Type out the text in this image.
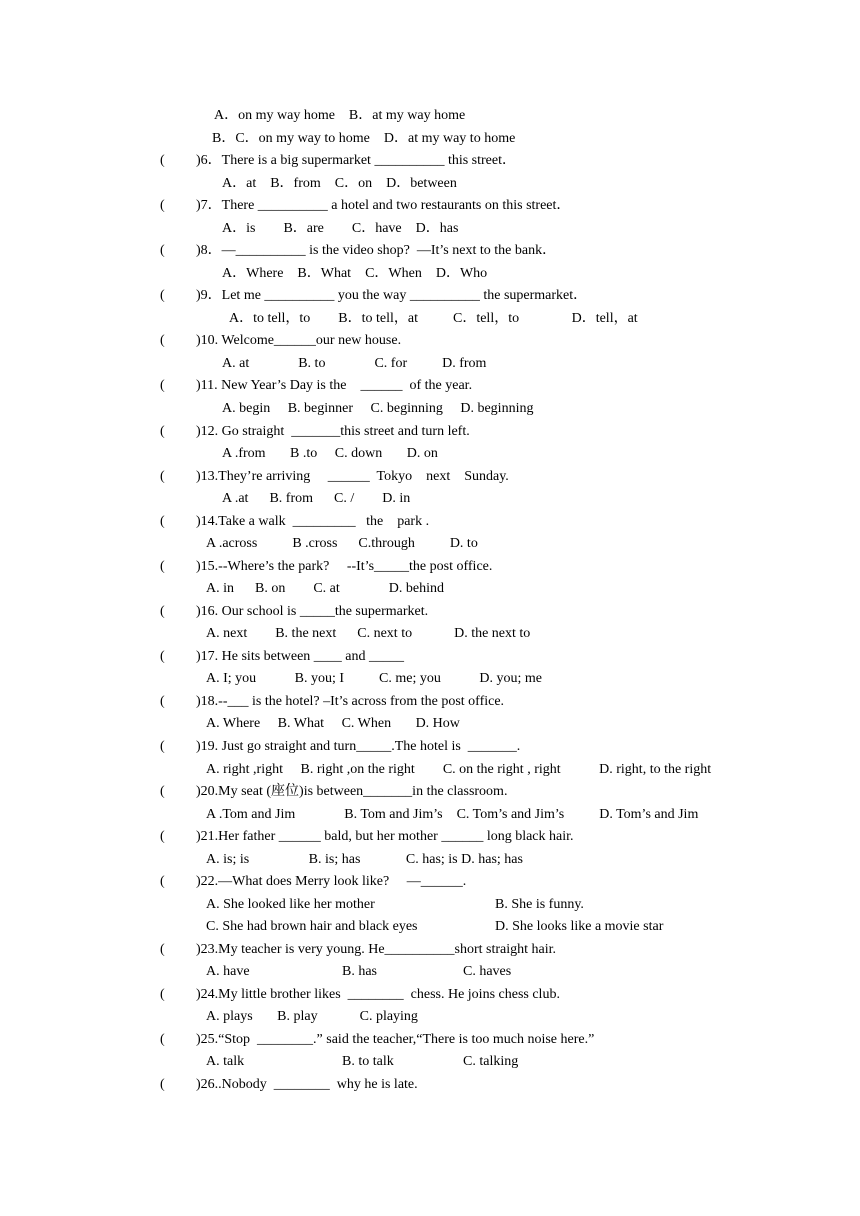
A．on my way home    B．at my way home
B．C．on my way to home    D．at my way to home
( )6．There is a big supermarket __________ this street．
A．at    B．from    C．on    D．between
( )7．There __________ a hotel and two restaurants on this street．
A．is        B．are        C．have    D．has
( )8．—__________ is the video shop?  —It’s next to the bank．
A．Where    B．What    C．When    D．Who
( )9．Let me __________ you the way __________ the supermarket．
A．to tell，to        B．to tell，at          C．tell，to               D．tell，at
( )10. Welcome______our new house.
A. at              B. to              C. for          D. from
( )11. New Year’s Day is the    ______  of the year.
A. begin     B. beginner     C. beginning     D. beginning
( )12. Go straight  _______this street and turn left.
A .from       B .to     C. down       D. on
( )13.They’re arriving     ______  Tokyo    next    Sunday.
A .at      B. from      C. /        D. in
( )14.Take a walk  _________   the    park .
A .across          B .cross      C.through          D. to
( )15.--Where’s the park?     --It’s_____the post office.
A. in      B. on        C. at              D. behind
( )16. Our school is _____the supermarket.
A. next        B. the next      C. next to            D. the next to
( )17. He sits between ____ and _____
A. I; you           B. you; I          C. me; you           D. you; me
( )18.--___ is the hotel? –It’s across from the post office.
A. Where     B. What     C. When       D. How
( )19. Just go straight and turn_____.The hotel is  _______.
A. right ,right     B. right ,on the right        C. on the right , right           D. right, to the right
( )20.My seat (座位)is between_______in the classroom.
A .Tom and Jim              B. Tom and Jim’s    C. Tom’s and Jim’s          D. Tom’s and Jim
( )21.Her father ______ bald, but her mother ______ long black hair.
A. is; is                 B. is; has             C. has; is D. has; has
( )22.—What does Merry look like?     —______.
A. She looked like her mother	B. She is funny.
C. She had brown hair and black eyes	D. She looks like a movie star
( )23.My teacher is very young. He__________short straight hair.
A. have	B. has	C. haves
( )24.My little brother likes  ________  chess. He joins chess club.
A. plays       B. play            C. playing
( )25.“Stop  ________.” said the teacher,“There is too much noise here.”
A. talk	B. to talk	C. talking
( )26..Nobody  ________  why he is late.
